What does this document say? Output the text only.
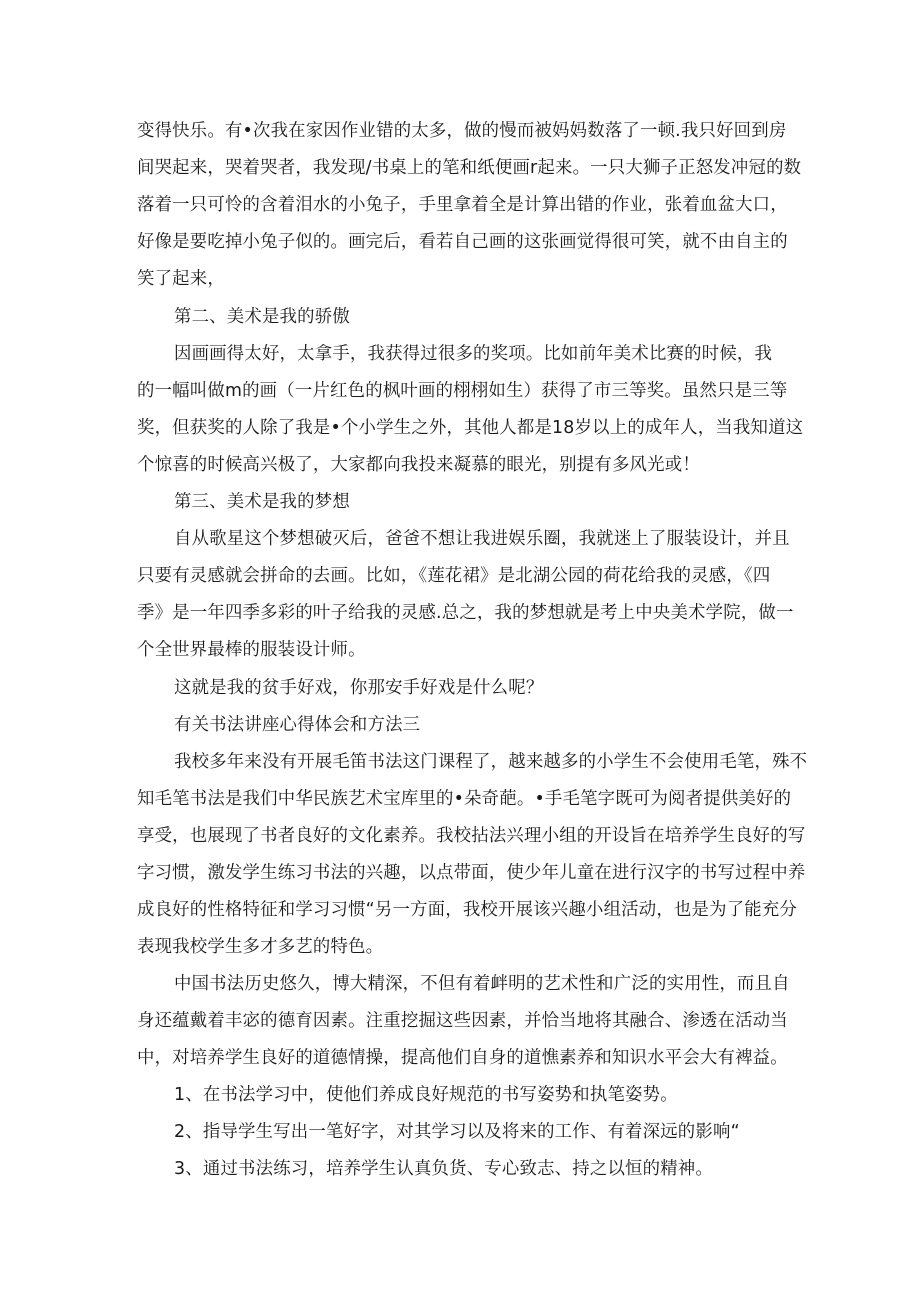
变得快乐。有•次我在家因作业错的太多，做的慢而被妈妈数落了一顿.我只好回到房
间哭起来，哭着哭者，我发现/书桌上的笔和纸便画r起来。一只大狮子正怒发冲冠的数
落着一只可怜的含着泪水的小兔子，手里拿着全是计算出错的作业，张着血盆大口，
好像是要吃掉小兔子似的。画完后，看若自己画的这张画觉得很可笑，就不由自主的
笑了起来，
第二、美术是我的骄傲
因画画得太好，太拿手，我获得过很多的奖项。比如前年美术比赛的时候，我
的一幅叫做m的画（一片红色的枫叶画的栩栩如生）获得了市三等奖。虽然只是三等
奖，但获奖的人除了我是•个小学生之外，其他人都是18岁以上的成年人，当我知道这
个惊喜的时候高兴极了，大家都向我投来凝慕的眼光，别提有多风光或！
第三、美术是我的梦想
自从歌星这个梦想破灭后，爸爸不想让我进娱乐圈，我就迷上了服装设计，并且
只要有灵感就会拼命的去画。比如，《莲花裙》是北湖公园的荷花给我的灵感，《四
季》是一年四季多彩的叶子给我的灵感.总之，我的梦想就是考上中央美术学院，做一
个全世界最棒的服装设计师。
这就是我的贫手好戏，你那安手好戏是什么呢？
有关书法讲座心得体会和方法三
我校多年来没有开展毛笛书法这门课程了，越来越多的小学生不会使用毛笔，殊不
知毛笔书法是我们中华民族艺术宝库里的•朵奇葩。•手毛笔字既可为阅者提供美好的
享受，也展现了书者良好的文化素养。我校拈法兴理小组的开设旨在培养学生良好的写
字习惯，激发学生练习书法的兴趣，以点带面，使少年儿童在进行汉字的书写过程中养
成良好的性格特征和学习习惯“另一方面，我校开展该兴趣小组活动，也是为了能充分
表现我校学生多才多艺的特色。
中国书法历史悠久，博大精深，不但有着衅明的艺术性和广泛的实用性，而且自
身还蕴戴着丰宓的德育因素。注重挖掘这些因素，并恰当地将其融合、渗透在活动当
中，对培养学生良好的道德情操，提高他们自身的道憔素养和知识水平会大有裨益。
1、在书法学习中，使他们养成良好规范的书写姿势和执笔姿势。
2、指导学生写出一笔好字，对其学习以及将来的工作、有着深远的影响“
3、通过书法练习，培养学生认真负货、专心致志、持之以恒的精神。
